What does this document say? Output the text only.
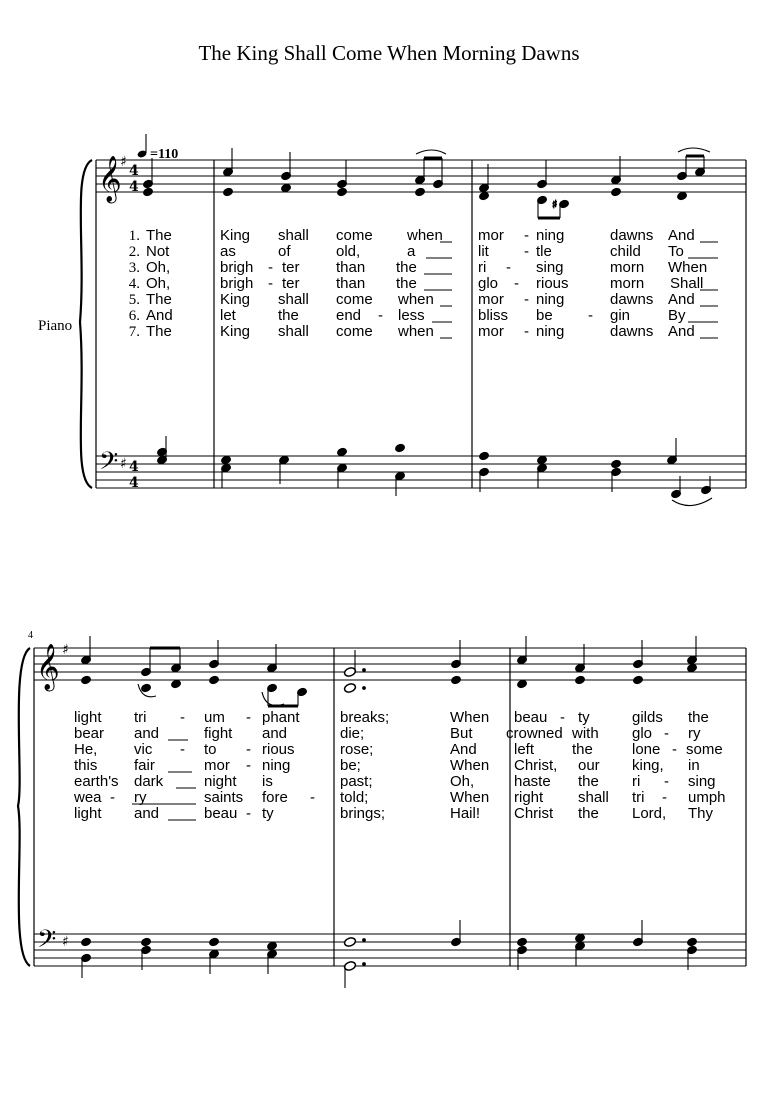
The King Shall Come When Morning Dawns
Piano
𝄞
𝄢
♯
♯
4
4
4
4
= 110
♯
1.
2.
3.
4.
5.
6.
7.
The	King shall come when mor - ning	dawns And
Not	as	of	old,	a	lit - tle	child To
Oh,	brigh - ter than the	ri - sing	morn When
Oh,	brigh - ter than the	glo - rious	morn Shall
The	King shall come when	mor - ning	dawns And
And	let	the end - less	bliss be - gin	By
The	King shall come when	mor - ning	dawns And
4
𝄞
𝄢
♯
♯
light tri - um - phant	breaks;	When beau - ty	gilds the
bear and	fight and	die;	But crowned with glo - ry
He, vic - to - rious	rose;	And left	the	lone - some
this fair	mor - ning	be;	When Christ, our king, in
earth's dark	night is	past;	Oh,	haste the ri - sing
wea - ry	saints fore - told;	When right shall tri - umph
light and	beau - ty	brings;	Hail! Christ the Lord, Thy
